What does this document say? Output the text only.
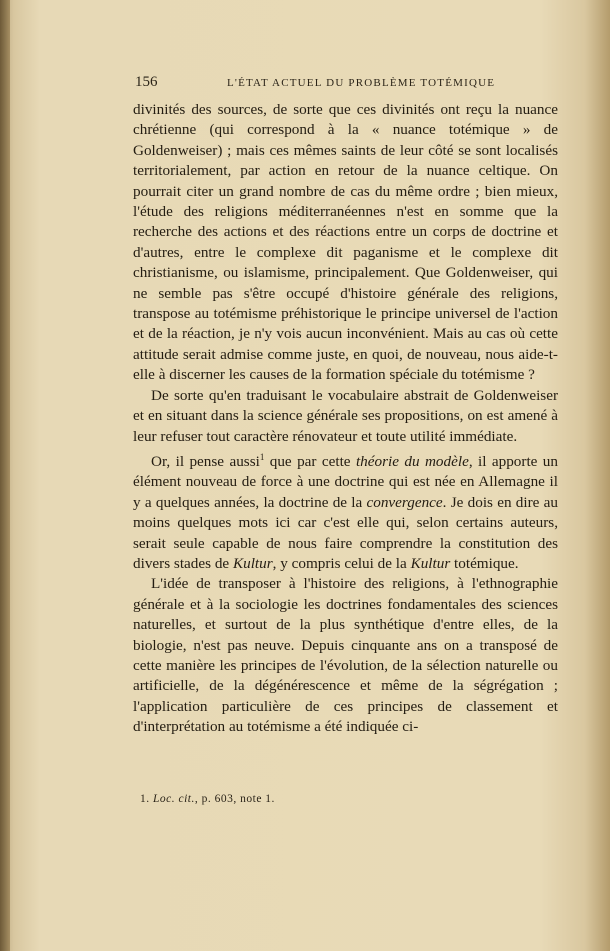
156	L'ÉTAT ACTUEL DU PROBLÈME TOTÉMIQUE

divinités des sources, de sorte que ces divinités ont reçu la nuance chrétienne (qui correspond à la « nuance totémique » de Goldenweiser) ; mais ces mêmes saints de leur côté se sont localisés territorialement, par action en retour de la nuance celtique. On pourrait citer un grand nombre de cas du même ordre ; bien mieux, l'étude des religions méditerranéennes n'est en somme que la recherche des actions et des réactions entre un corps de doctrine et d'autres, entre le complexe dit paganisme et le complexe dit christianisme, ou islamisme, principalement. Que Goldenweiser, qui ne semble pas s'être occupé d'histoire générale des religions, transpose au totémisme préhistorique le principe universel de l'action et de la réaction, je n'y vois aucun inconvénient. Mais au cas où cette attitude serait admise comme juste, en quoi, de nouveau, nous aide-t-elle à discerner les causes de la formation spéciale du totémisme ?

De sorte qu'en traduisant le vocabulaire abstrait de Goldenweiser et en situant dans la science générale ses propositions, on est amené à leur refuser tout caractère rénovateur et toute utilité immédiate.

Or, il pense aussi$^1$ que par cette théorie du modèle, il apporte un élément nouveau de force à une doctrine qui est née en Allemagne il y a quelques années, la doctrine de la convergence. Je dois en dire au moins quelques mots ici car c'est elle qui, selon certains auteurs, serait seule capable de nous faire comprendre la constitution des divers stades de Kultur, y compris celui de la Kultur totémique.

L'idée de transposer à l'histoire des religions, à l'ethnographie générale et à la sociologie les doctrines fondamentales des sciences naturelles, et surtout de la plus synthétique d'entre elles, de la biologie, n'est pas neuve. Depuis cinquante ans on a transposé de cette manière les principes de l'évolution, de la sélection naturelle ou artificielle, de la dégénérescence et même de la ségrégation ; l'application particulière de ces principes de classement et d'interprétation au totémisme a été indiquée ci-

1. Loc. cit., p. 603, note 1.
